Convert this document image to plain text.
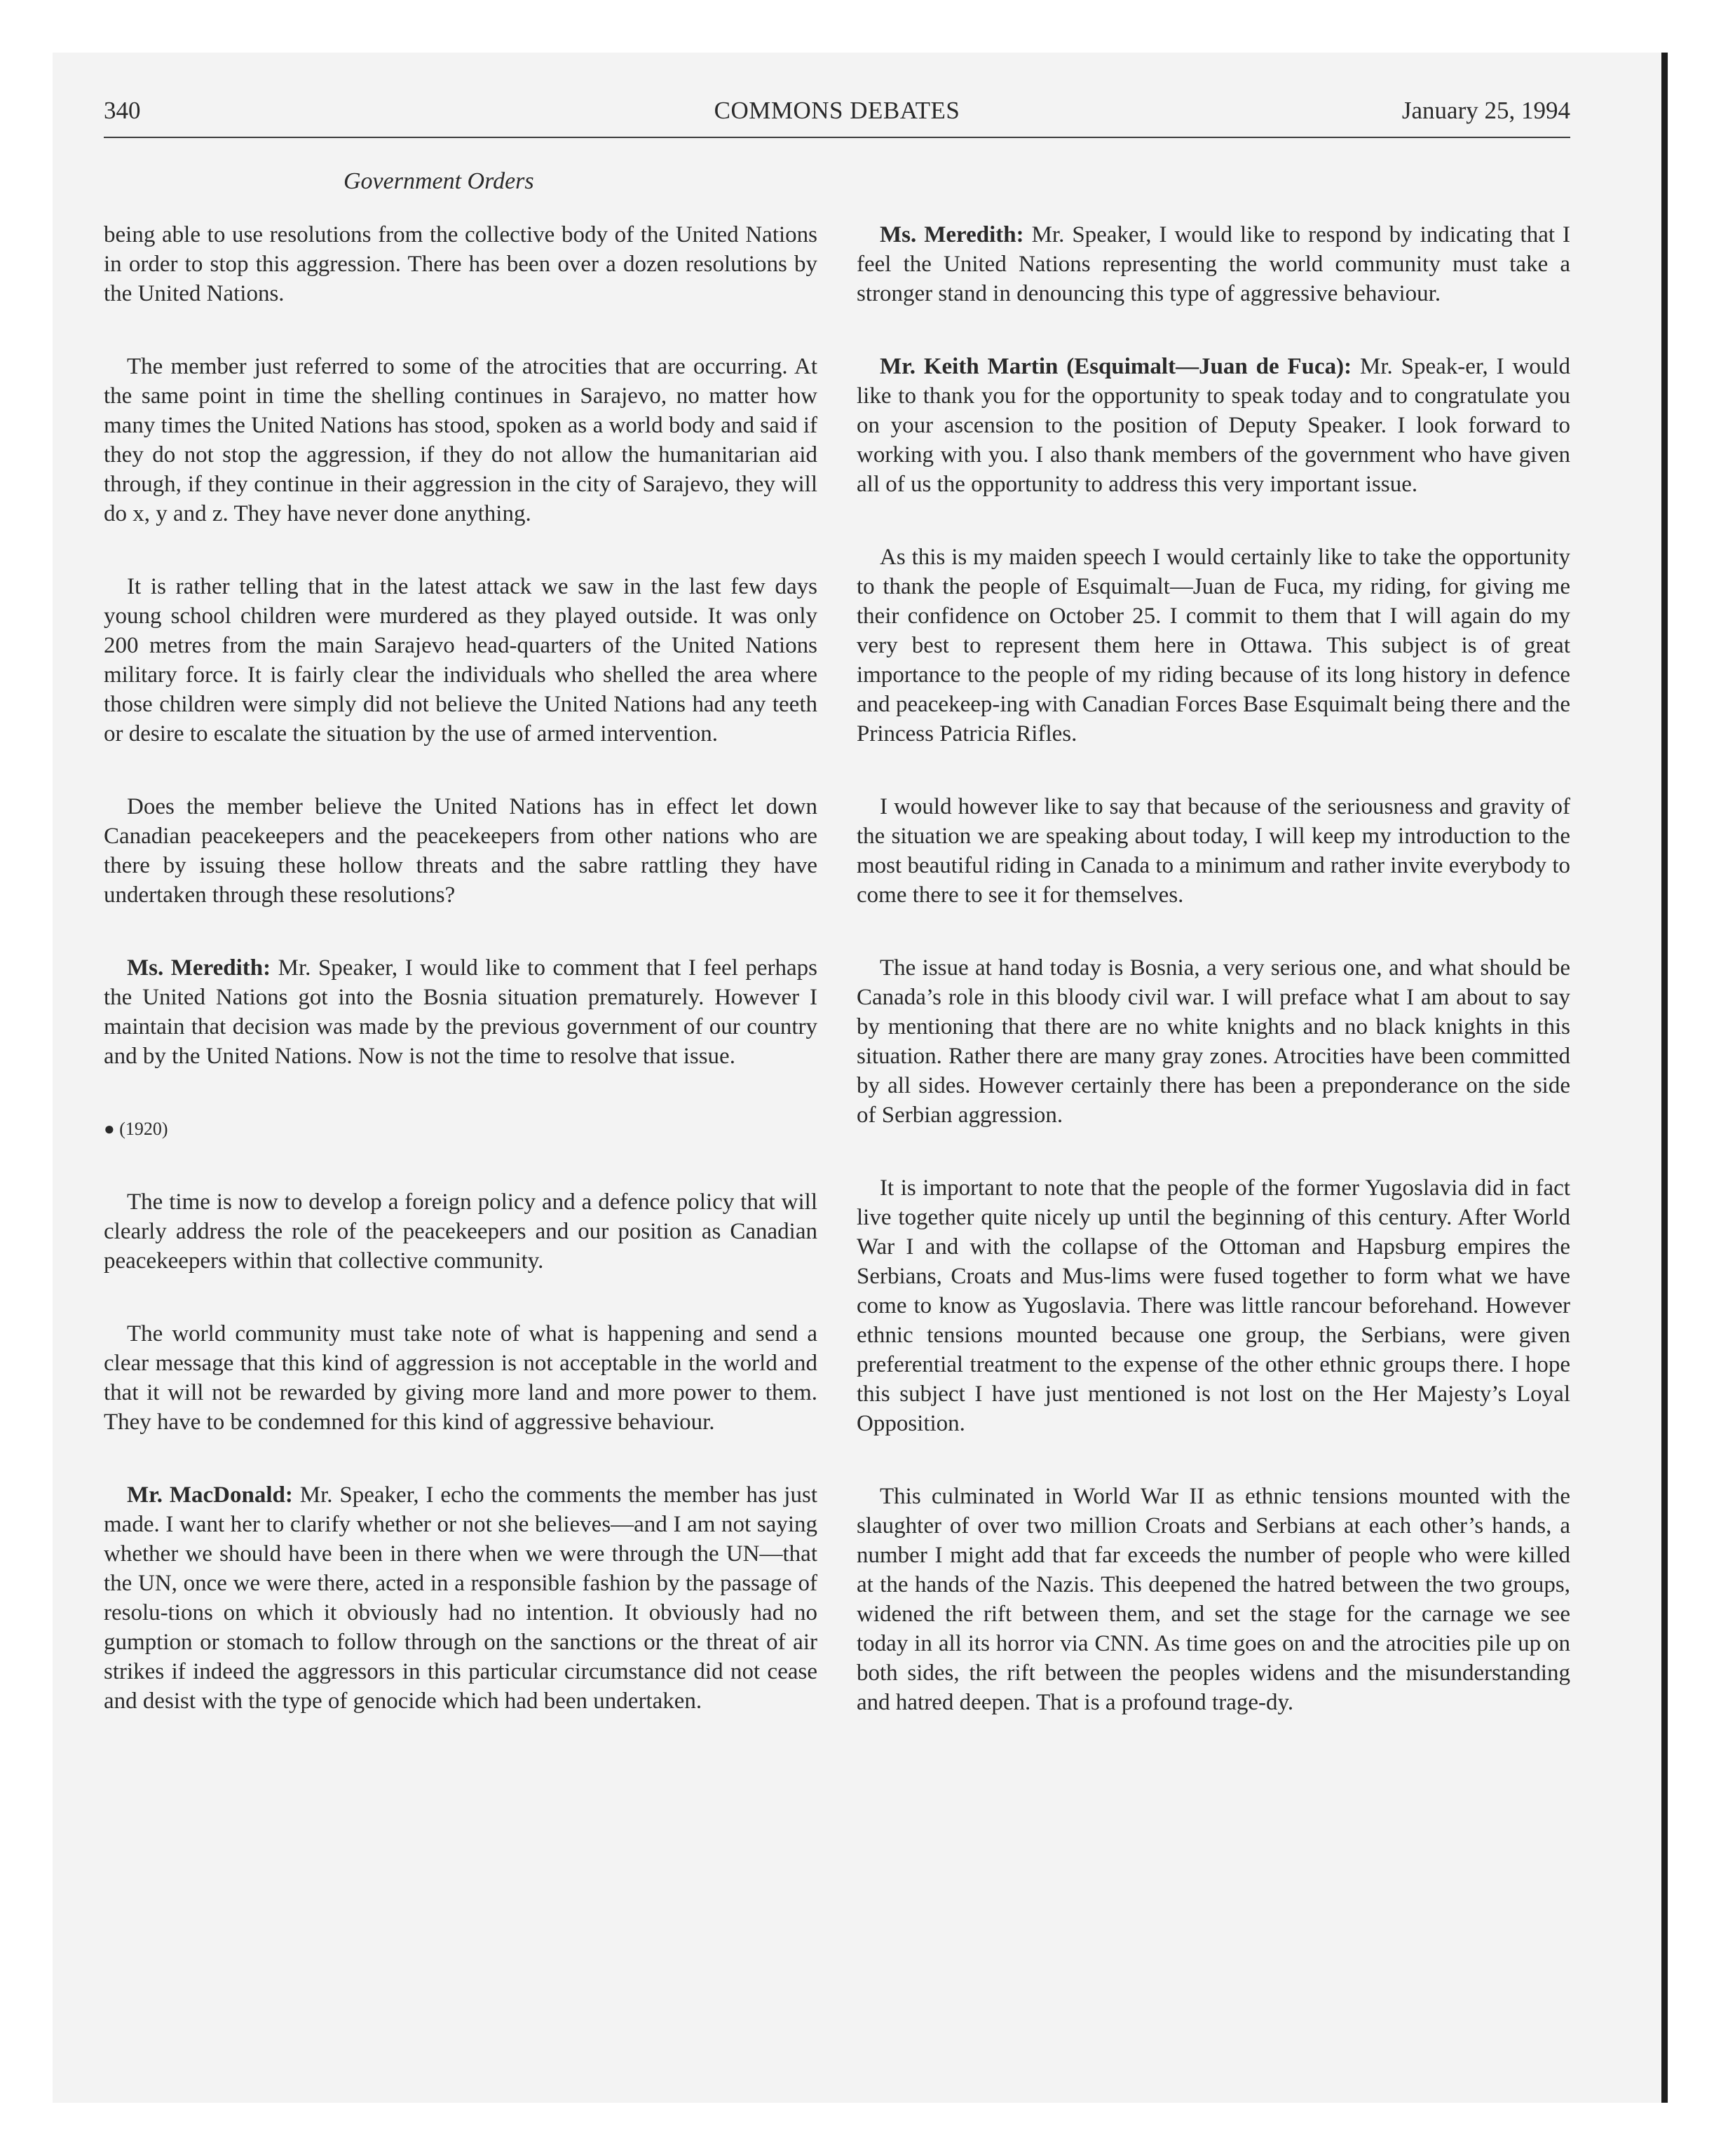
340	COMMONS DEBATES	January 25, 1994
Government Orders

being able to use resolutions from the collective body of the United Nations in order to stop this aggression. There has been over a dozen resolutions by the United Nations.

The member just referred to some of the atrocities that are occurring. At the same point in time the shelling continues in Sarajevo, no matter how many times the United Nations has stood, spoken as a world body and said if they do not stop the aggression, if they do not allow the humanitarian aid through, if they continue in their aggression in the city of Sarajevo, they will do x, y and z. They have never done anything.

It is rather telling that in the latest attack we saw in the last few days young school children were murdered as they played outside. It was only 200 metres from the main Sarajevo head-quarters of the United Nations military force. It is fairly clear the individuals who shelled the area where those children were simply did not believe the United Nations had any teeth or desire to escalate the situation by the use of armed intervention.

Does the member believe the United Nations has in effect let down Canadian peacekeepers and the peacekeepers from other nations who are there by issuing these hollow threats and the sabre rattling they have undertaken through these resolutions?

Ms. Meredith: Mr. Speaker, I would like to comment that I feel perhaps the United Nations got into the Bosnia situation prematurely. However I maintain that decision was made by the previous government of our country and by the United Nations. Now is not the time to resolve that issue.

● (1920)

The time is now to develop a foreign policy and a defence policy that will clearly address the role of the peacekeepers and our position as Canadian peacekeepers within that collective community.

The world community must take note of what is happening and send a clear message that this kind of aggression is not acceptable in the world and that it will not be rewarded by giving more land and more power to them. They have to be condemned for this kind of aggressive behaviour.

Mr. MacDonald: Mr. Speaker, I echo the comments the member has just made. I want her to clarify whether or not she believes—and I am not saying whether we should have been in there when we were through the UN—that the UN, once we were there, acted in a responsible fashion by the passage of resolu-tions on which it obviously had no intention. It obviously had no gumption or stomach to follow through on the sanctions or the threat of air strikes if indeed the aggressors in this particular circumstance did not cease and desist with the type of genocide which had been undertaken.

Ms. Meredith: Mr. Speaker, I would like to respond by indicating that I feel the United Nations representing the world community must take a stronger stand in denouncing this type of aggressive behaviour.

Mr. Keith Martin (Esquimalt—Juan de Fuca): Mr. Speak-er, I would like to thank you for the opportunity to speak today and to congratulate you on your ascension to the position of Deputy Speaker. I look forward to working with you. I also thank members of the government who have given all of us the opportunity to address this very important issue.

As this is my maiden speech I would certainly like to take the opportunity to thank the people of Esquimalt—Juan de Fuca, my riding, for giving me their confidence on October 25. I commit to them that I will again do my very best to represent them here in Ottawa. This subject is of great importance to the people of my riding because of its long history in defence and peacekeep-ing with Canadian Forces Base Esquimalt being there and the Princess Patricia Rifles.

I would however like to say that because of the seriousness and gravity of the situation we are speaking about today, I will keep my introduction to the most beautiful riding in Canada to a minimum and rather invite everybody to come there to see it for themselves.

The issue at hand today is Bosnia, a very serious one, and what should be Canada’s role in this bloody civil war. I will preface what I am about to say by mentioning that there are no white knights and no black knights in this situation. Rather there are many gray zones. Atrocities have been committed by all sides. However certainly there has been a preponderance on the side of Serbian aggression.

It is important to note that the people of the former Yugoslavia did in fact live together quite nicely up until the beginning of this century. After World War I and with the collapse of the Ottoman and Hapsburg empires the Serbians, Croats and Mus-lims were fused together to form what we have come to know as Yugoslavia. There was little rancour beforehand. However ethnic tensions mounted because one group, the Serbians, were given preferential treatment to the expense of the other ethnic groups there. I hope this subject I have just mentioned is not lost on the Her Majesty’s Loyal Opposition.

This culminated in World War II as ethnic tensions mounted with the slaughter of over two million Croats and Serbians at each other’s hands, a number I might add that far exceeds the number of people who were killed at the hands of the Nazis. This deepened the hatred between the two groups, widened the rift between them, and set the stage for the carnage we see today in all its horror via CNN. As time goes on and the atrocities pile up on both sides, the rift between the peoples widens and the misunderstanding and hatred deepen. That is a profound trage-dy.
